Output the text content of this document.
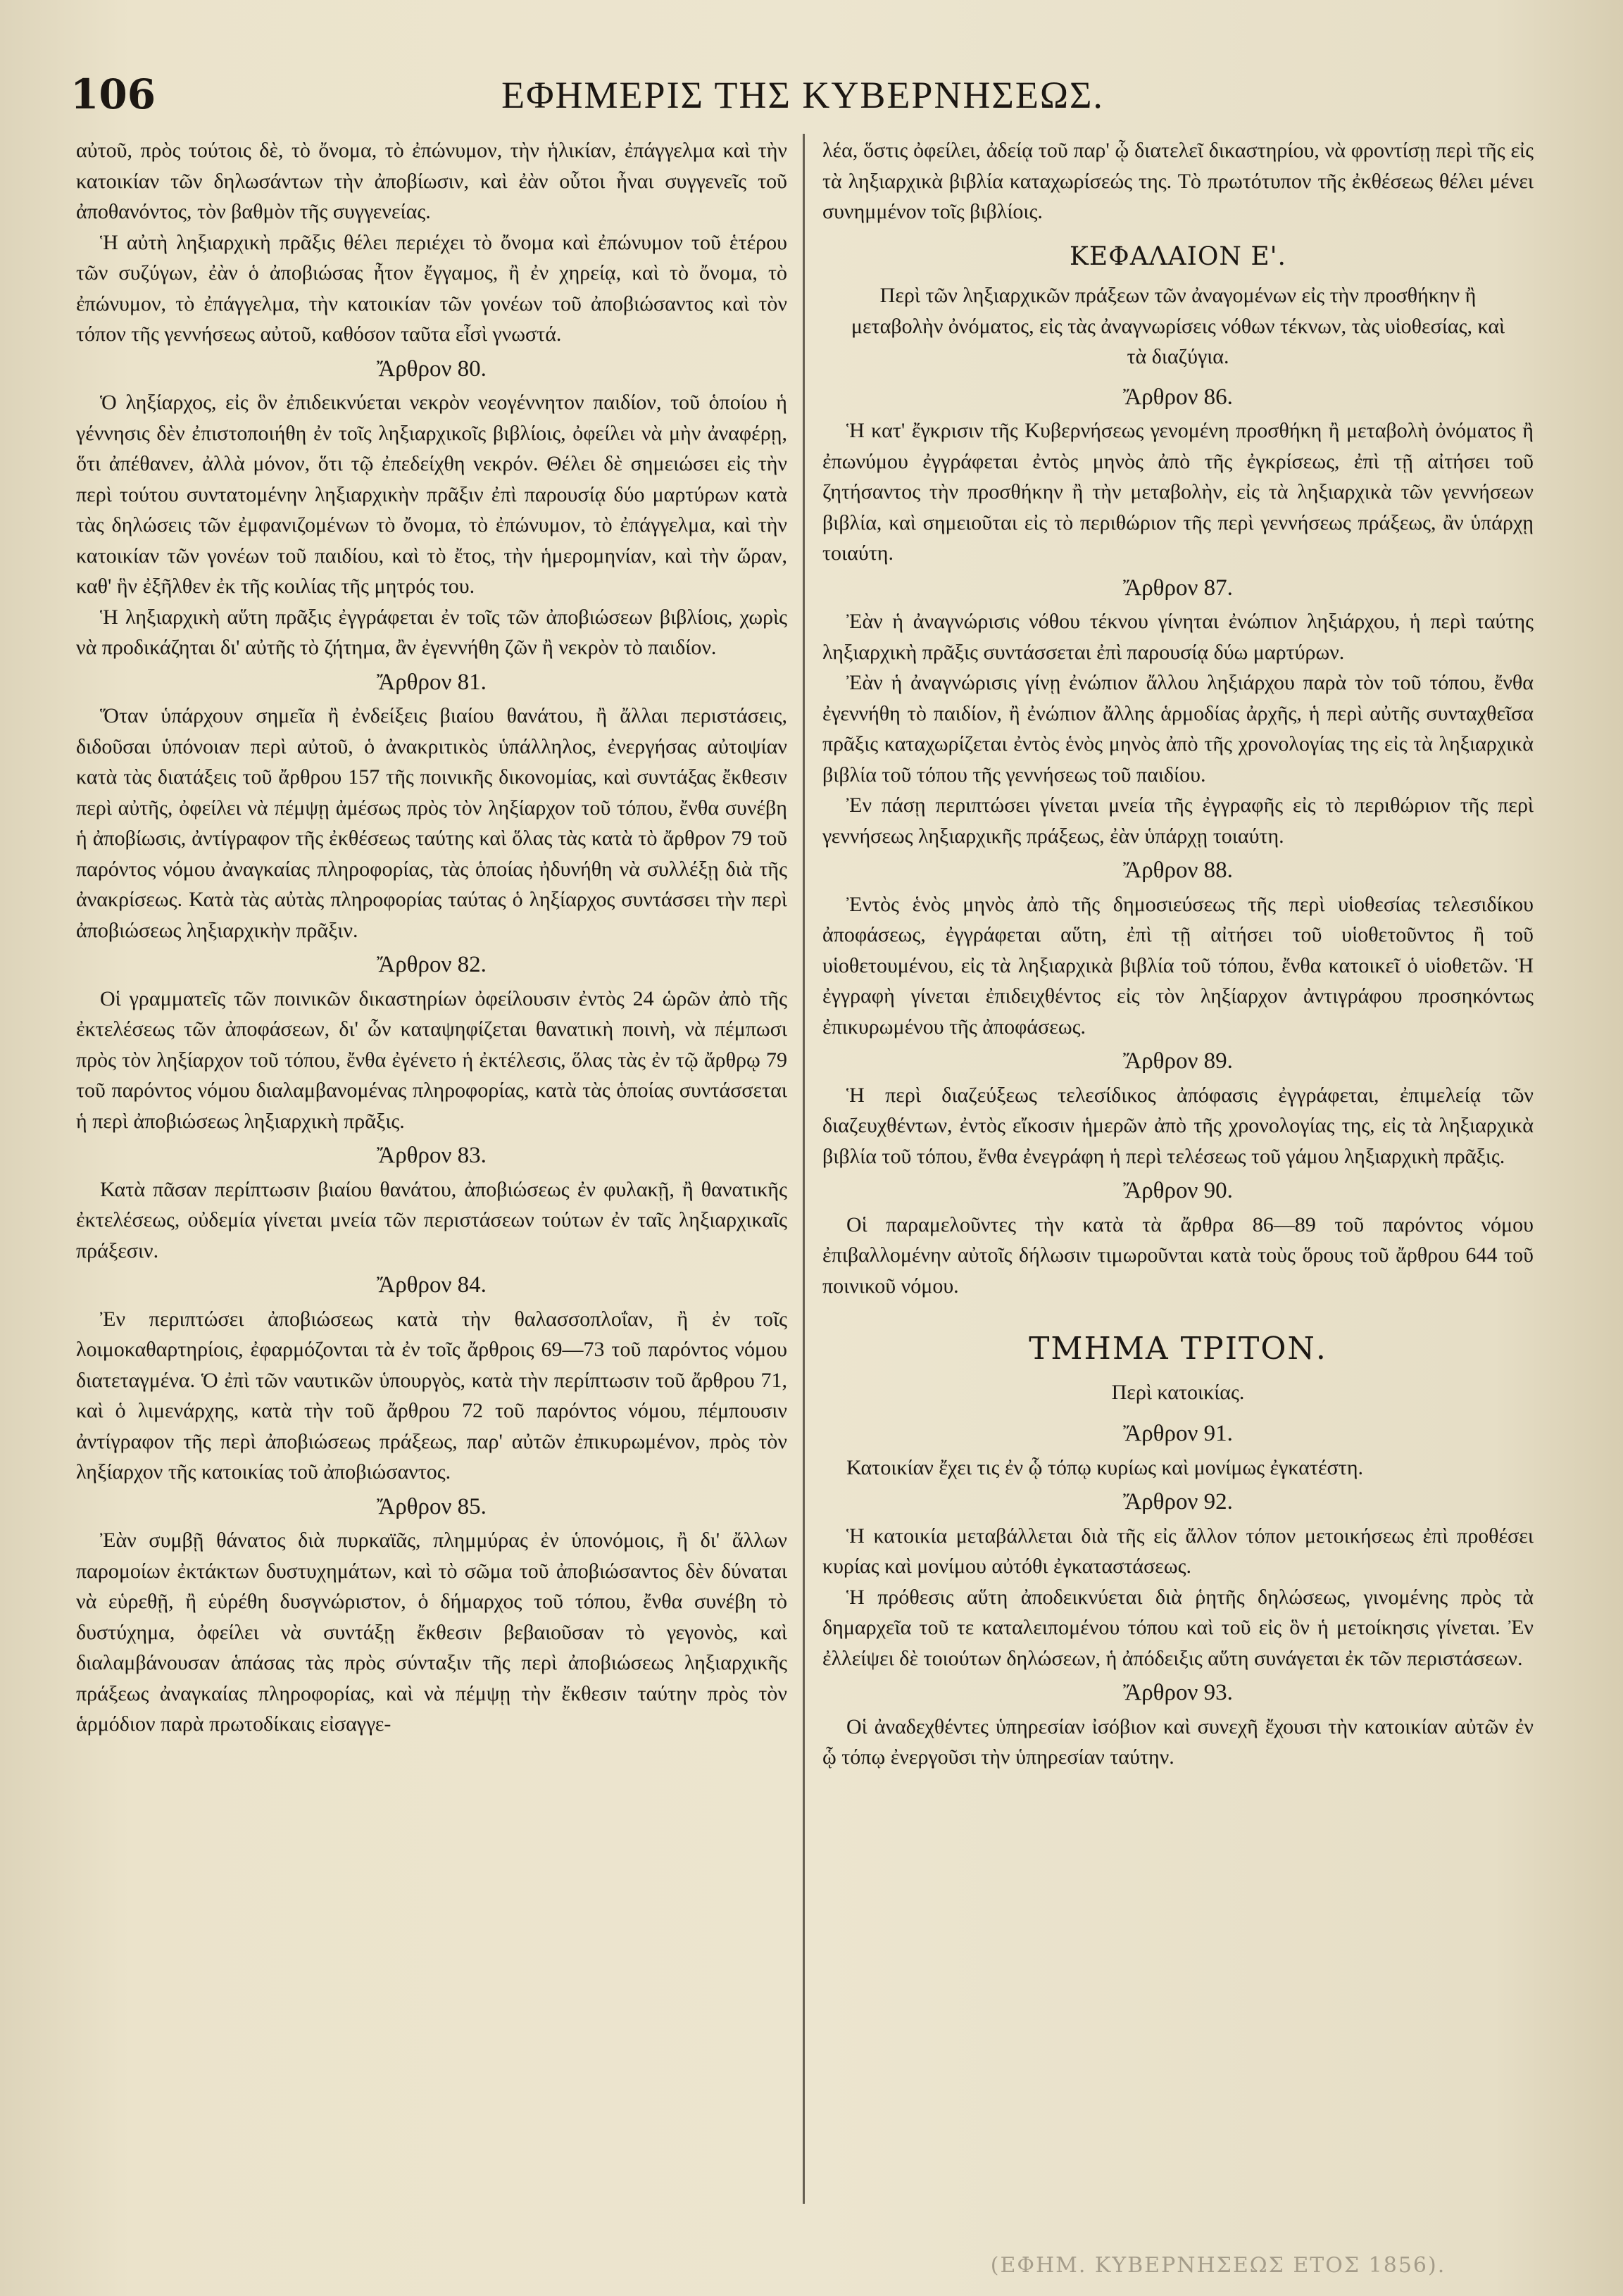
106	ΕΦΗΜΕΡΙΣ ΤΗΣ ΚΥΒΕΡΝΗΣΕΩΣ.

αὐτοῦ, πρὸς τούτοις δὲ, τὸ ὄνομα, τὸ ἐπώνυμον, τὴν ἡλικίαν, ἐπάγγελμα καὶ τὴν κατοικίαν τῶν δηλωσάντων τὴν ἀποβίωσιν, καὶ ἐὰν οὗτοι ἦναι συγγενεῖς τοῦ ἀποθανόντος, τὸν βαθμὸν τῆς συγγενείας.

Ἡ αὐτὴ ληξιαρχικὴ πρᾶξις θέλει περιέχει τὸ ὄνομα καὶ ἐπώνυμον τοῦ ἑτέρου τῶν συζύγων, ἐὰν ὁ ἀποβιώσας ἦτον ἔγγαμος, ἢ ἐν χηρείᾳ, καὶ τὸ ὄνομα, τὸ ἐπώνυμον, τὸ ἐπάγγελμα, τὴν κατοικίαν τῶν γονέων τοῦ ἀποβιώσαντος καὶ τὸν τόπον τῆς γεννήσεως αὐτοῦ, καθόσον ταῦτα εἶσὶ γνωστά.

Ἄρθρον 80.

Ὁ ληξίαρχος, εἰς ὃν ἐπιδεικνύεται νεκρὸν νεογέννητον παιδίον, τοῦ ὁποίου ἡ γέννησις δὲν ἐπιστοποιήθη ἐν τοῖς ληξιαρχικοῖς βιβλίοις, ὀφείλει νὰ μὴν ἀναφέρῃ, ὅτι ἀπέθανεν, ἀλλὰ μόνον, ὅτι τῷ ἐπεδείχθη νεκρόν. Θέλει δὲ σημειώσει εἰς τὴν περὶ τούτου συντατομένην ληξιαρχικὴν πρᾶξιν ἐπὶ παρουσίᾳ δύο μαρτύρων κατὰ τὰς δηλώσεις τῶν ἐμφανιζομένων τὸ ὄνομα, τὸ ἐπώνυμον, τὸ ἐπάγγελμα, καὶ τὴν κατοικίαν τῶν γονέων τοῦ παιδίου, καὶ τὸ ἔτος, τὴν ἡμερομηνίαν, καὶ τὴν ὥραν, καθ' ἣν ἐξῆλθεν ἐκ τῆς κοιλίας τῆς μητρός του.

Ἡ ληξιαρχικὴ αὕτη πρᾶξις ἐγγράφεται ἐν τοῖς τῶν ἀποβιώσεων βιβλίοις, χωρὶς νὰ προδικάζηται δι' αὐτῆς τὸ ζήτημα, ἂν ἐγεννήθη ζῶν ἢ νεκρὸν τὸ παιδίον.

Ἄρθρον 81.

Ὅταν ὑπάρχουν σημεῖα ἢ ἐνδείξεις βιαίου θανάτου, ἢ ἄλλαι περιστάσεις, διδοῦσαι ὑπόνοιαν περὶ αὐτοῦ, ὁ ἀνακριτικὸς ὑπάλληλος, ἐνεργήσας αὐτοψίαν κατὰ τὰς διατάξεις τοῦ ἄρθρου 157 τῆς ποινικῆς δικονομίας, καὶ συντάξας ἔκθεσιν περὶ αὐτῆς, ὀφείλει νὰ πέμψῃ ἀμέσως πρὸς τὸν ληξίαρχον τοῦ τόπου, ἔνθα συνέβη ἡ ἀποβίωσις, ἀντίγραφον τῆς ἐκθέσεως ταύτης καὶ ὅλας τὰς κατὰ τὸ ἄρθρον 79 τοῦ παρόντος νόμου ἀναγκαίας πληροφορίας, τὰς ὁποίας ἠδυνήθη νὰ συλλέξῃ διὰ τῆς ἀνακρίσεως. Κατὰ τὰς αὐτὰς πληροφορίας ταύτας ὁ ληξίαρχος συντάσσει τὴν περὶ ἀποβιώσεως ληξιαρχικὴν πρᾶξιν.

Ἄρθρον 82.

Οἱ γραμματεῖς τῶν ποινικῶν δικαστηρίων ὀφείλουσιν ἐντὸς 24 ὡρῶν ἀπὸ τῆς ἐκτελέσεως τῶν ἀποφάσεων, δι' ὧν καταψηφίζεται θανατικὴ ποινὴ, νὰ πέμπωσι πρὸς τὸν ληξίαρχον τοῦ τόπου, ἔνθα ἐγένετο ἡ ἐκτέλεσις, ὅλας τὰς ἐν τῷ ἄρθρῳ 79 τοῦ παρόντος νόμου διαλαμβανομένας πληροφορίας, κατὰ τὰς ὁποίας συντάσσεται ἡ περὶ ἀποβιώσεως ληξιαρχικὴ πρᾶξις.

Ἄρθρον 83.

Κατὰ πᾶσαν περίπτωσιν βιαίου θανάτου, ἀποβιώσεως ἐν φυλακῇ, ἢ θανατικῆς ἐκτελέσεως, οὐδεμία γίνεται μνεία τῶν περιστάσεων τούτων ἐν ταῖς ληξιαρχικαῖς πράξεσιν.

Ἄρθρον 84.

Ἐν περιπτώσει ἀποβιώσεως κατὰ τὴν θαλασσοπλοΐαν, ἢ ἐν τοῖς λοιμοκαθαρτηρίοις, ἐφαρμόζονται τὰ ἐν τοῖς ἄρθροις 69—73 τοῦ παρόντος νόμου διατεταγμένα. Ὁ ἐπὶ τῶν ναυτικῶν ὑπουργὸς, κατὰ τὴν περίπτωσιν τοῦ ἄρθρου 71, καὶ ὁ λιμενάρχης, κατὰ τὴν τοῦ ἄρθρου 72 τοῦ παρόντος νόμου, πέμπουσιν ἀντίγραφον τῆς περὶ ἀποβιώσεως πράξεως, παρ' αὐτῶν ἐπικυρωμένον, πρὸς τὸν ληξίαρχον τῆς κατοικίας τοῦ ἀποβιώσαντος.

Ἄρθρον 85.

Ἐὰν συμβῇ θάνατος διὰ πυρκαϊᾶς, πλημμύρας ἐν ὑπονόμοις, ἢ δι' ἄλλων παρομοίων ἐκτάκτων δυστυχημάτων, καὶ τὸ σῶμα τοῦ ἀποβιώσαντος δὲν δύναται νὰ εὑρεθῇ, ἢ εὑρέθη δυσγνώριστον, ὁ δήμαρχος τοῦ τόπου, ἔνθα συνέβη τὸ δυστύχημα, ὀφείλει νὰ συντάξῃ ἔκθεσιν βεβαιοῦσαν τὸ γεγονὸς, καὶ διαλαμβάνουσαν ἁπάσας τὰς πρὸς σύνταξιν τῆς περὶ ἀποβιώσεως ληξιαρχικῆς πράξεως ἀναγκαίας πληροφορίας, καὶ νὰ πέμψῃ τὴν ἔκθεσιν ταύτην πρὸς τὸν ἁρμόδιον παρὰ πρωτοδίκαις εἰσαγγε-

λέα, ὅστις ὀφείλει, ἀδείᾳ τοῦ παρ' ᾧ διατελεῖ δικαστηρίου, νὰ φροντίσῃ περὶ τῆς εἰς τὰ ληξιαρχικὰ βιβλία καταχωρίσεώς της. Τὸ πρωτότυπον τῆς ἐκθέσεως θέλει μένει συνημμένον τοῖς βιβλίοις.

ΚΕΦΑΛΑΙΟΝ Ε'.

Περὶ τῶν ληξιαρχικῶν πράξεων τῶν ἀναγομένων εἰς τὴν προσθήκην ἢ μεταβολὴν ὀνόματος, εἰς τὰς ἀναγνωρίσεις νόθων τέκνων, τὰς υἱοθεσίας, καὶ τὰ διαζύγια.

Ἄρθρον 86.

Ἡ κατ' ἔγκρισιν τῆς Κυβερνήσεως γενομένη προσθήκη ἢ μεταβολὴ ὀνόματος ἢ ἐπωνύμου ἐγγράφεται ἐντὸς μηνὸς ἀπὸ τῆς ἐγκρίσεως, ἐπὶ τῇ αἰτήσει τοῦ ζητήσαντος τὴν προσθήκην ἢ τὴν μεταβολὴν, εἰς τὰ ληξιαρχικὰ τῶν γεννήσεων βιβλία, καὶ σημειοῦται εἰς τὸ περιθώριον τῆς περὶ γεννήσεως πράξεως, ἂν ὑπάρχῃ τοιαύτη.

Ἄρθρον 87.

Ἐὰν ἡ ἀναγνώρισις νόθου τέκνου γίνηται ἐνώπιον ληξιάρχου, ἡ περὶ ταύτης ληξιαρχικὴ πρᾶξις συντάσσεται ἐπὶ παρουσίᾳ δύω μαρτύρων.

Ἐὰν ἡ ἀναγνώρισις γίνῃ ἐνώπιον ἄλλου ληξιάρχου παρὰ τὸν τοῦ τόπου, ἔνθα ἐγεννήθη τὸ παιδίον, ἢ ἐνώπιον ἄλλης ἁρμοδίας ἀρχῆς, ἡ περὶ αὐτῆς συνταχθεῖσα πρᾶξις καταχωρίζεται ἐντὸς ἑνὸς μηνὸς ἀπὸ τῆς χρονολογίας της εἰς τὰ ληξιαρχικὰ βιβλία τοῦ τόπου τῆς γεννήσεως τοῦ παιδίου.

Ἐν πάσῃ περιπτώσει γίνεται μνεία τῆς ἐγγραφῆς εἰς τὸ περιθώριον τῆς περὶ γεννήσεως ληξιαρχικῆς πράξεως, ἐὰν ὑπάρχῃ τοιαύτη.

Ἄρθρον 88.

Ἐντὸς ἑνὸς μηνὸς ἀπὸ τῆς δημοσιεύσεως τῆς περὶ υἱοθεσίας τελεσιδίκου ἀποφάσεως, ἐγγράφεται αὕτη, ἐπὶ τῇ αἰτήσει τοῦ υἱοθετοῦντος ἢ τοῦ υἱοθετουμένου, εἰς τὰ ληξιαρχικὰ βιβλία τοῦ τόπου, ἔνθα κατοικεῖ ὁ υἱοθετῶν. Ἡ ἐγγραφὴ γίνεται ἐπιδειχθέντος εἰς τὸν ληξίαρχον ἀντιγράφου προσηκόντως ἐπικυρωμένου τῆς ἀποφάσεως.

Ἄρθρον 89.

Ἡ περὶ διαζεύξεως τελεσίδικος ἀπόφασις ἐγγράφεται, ἐπιμελείᾳ τῶν διαζευχθέντων, ἐντὸς εἴκοσιν ἡμερῶν ἀπὸ τῆς χρονολογίας της, εἰς τὰ ληξιαρχικὰ βιβλία τοῦ τόπου, ἔνθα ἐνεγράφη ἡ περὶ τελέσεως τοῦ γάμου ληξιαρχικὴ πρᾶξις.

Ἄρθρον 90.

Οἱ παραμελοῦντες τὴν κατὰ τὰ ἄρθρα 86—89 τοῦ παρόντος νόμου ἐπιβαλλομένην αὐτοῖς δήλωσιν τιμωροῦνται κατὰ τοὺς ὅρους τοῦ ἄρθρου 644 τοῦ ποινικοῦ νόμου.

ΤΜΗΜΑ ΤΡΙΤΟΝ.

Περὶ κατοικίας.

Ἄρθρον 91.

Κατοικίαν ἔχει τις ἐν ᾧ τόπῳ κυρίως καὶ μονίμως ἐγκατέστη.

Ἄρθρον 92.

Ἡ κατοικία μεταβάλλεται διὰ τῆς εἰς ἄλλον τόπον μετοικήσεως ἐπὶ προθέσει κυρίας καὶ μονίμου αὐτόθι ἐγκαταστάσεως.

Ἡ πρόθεσις αὕτη ἀποδεικνύεται διὰ ῥητῆς δηλώσεως, γινομένης πρὸς τὰ δημαρχεῖα τοῦ τε καταλειπομένου τόπου καὶ τοῦ εἰς ὃν ἡ μετοίκησις γίνεται. Ἐν ἐλλείψει δὲ τοιούτων δηλώσεων, ἡ ἀπόδειξις αὕτη συνάγεται ἐκ τῶν περιστάσεων.

Ἄρθρον 93.

Οἱ ἀναδεχθέντες ὑπηρεσίαν ἰσόβιον καὶ συνεχῆ ἔχουσι τὴν κατοικίαν αὐτῶν ἐν ᾧ τόπῳ ἐνεργοῦσι τὴν ὑπηρεσίαν ταύτην.

(ΕΦΗΜ. ΚΥΒΕΡΝΗΣΕΩΣ ΕΤΟΣ 1856).
